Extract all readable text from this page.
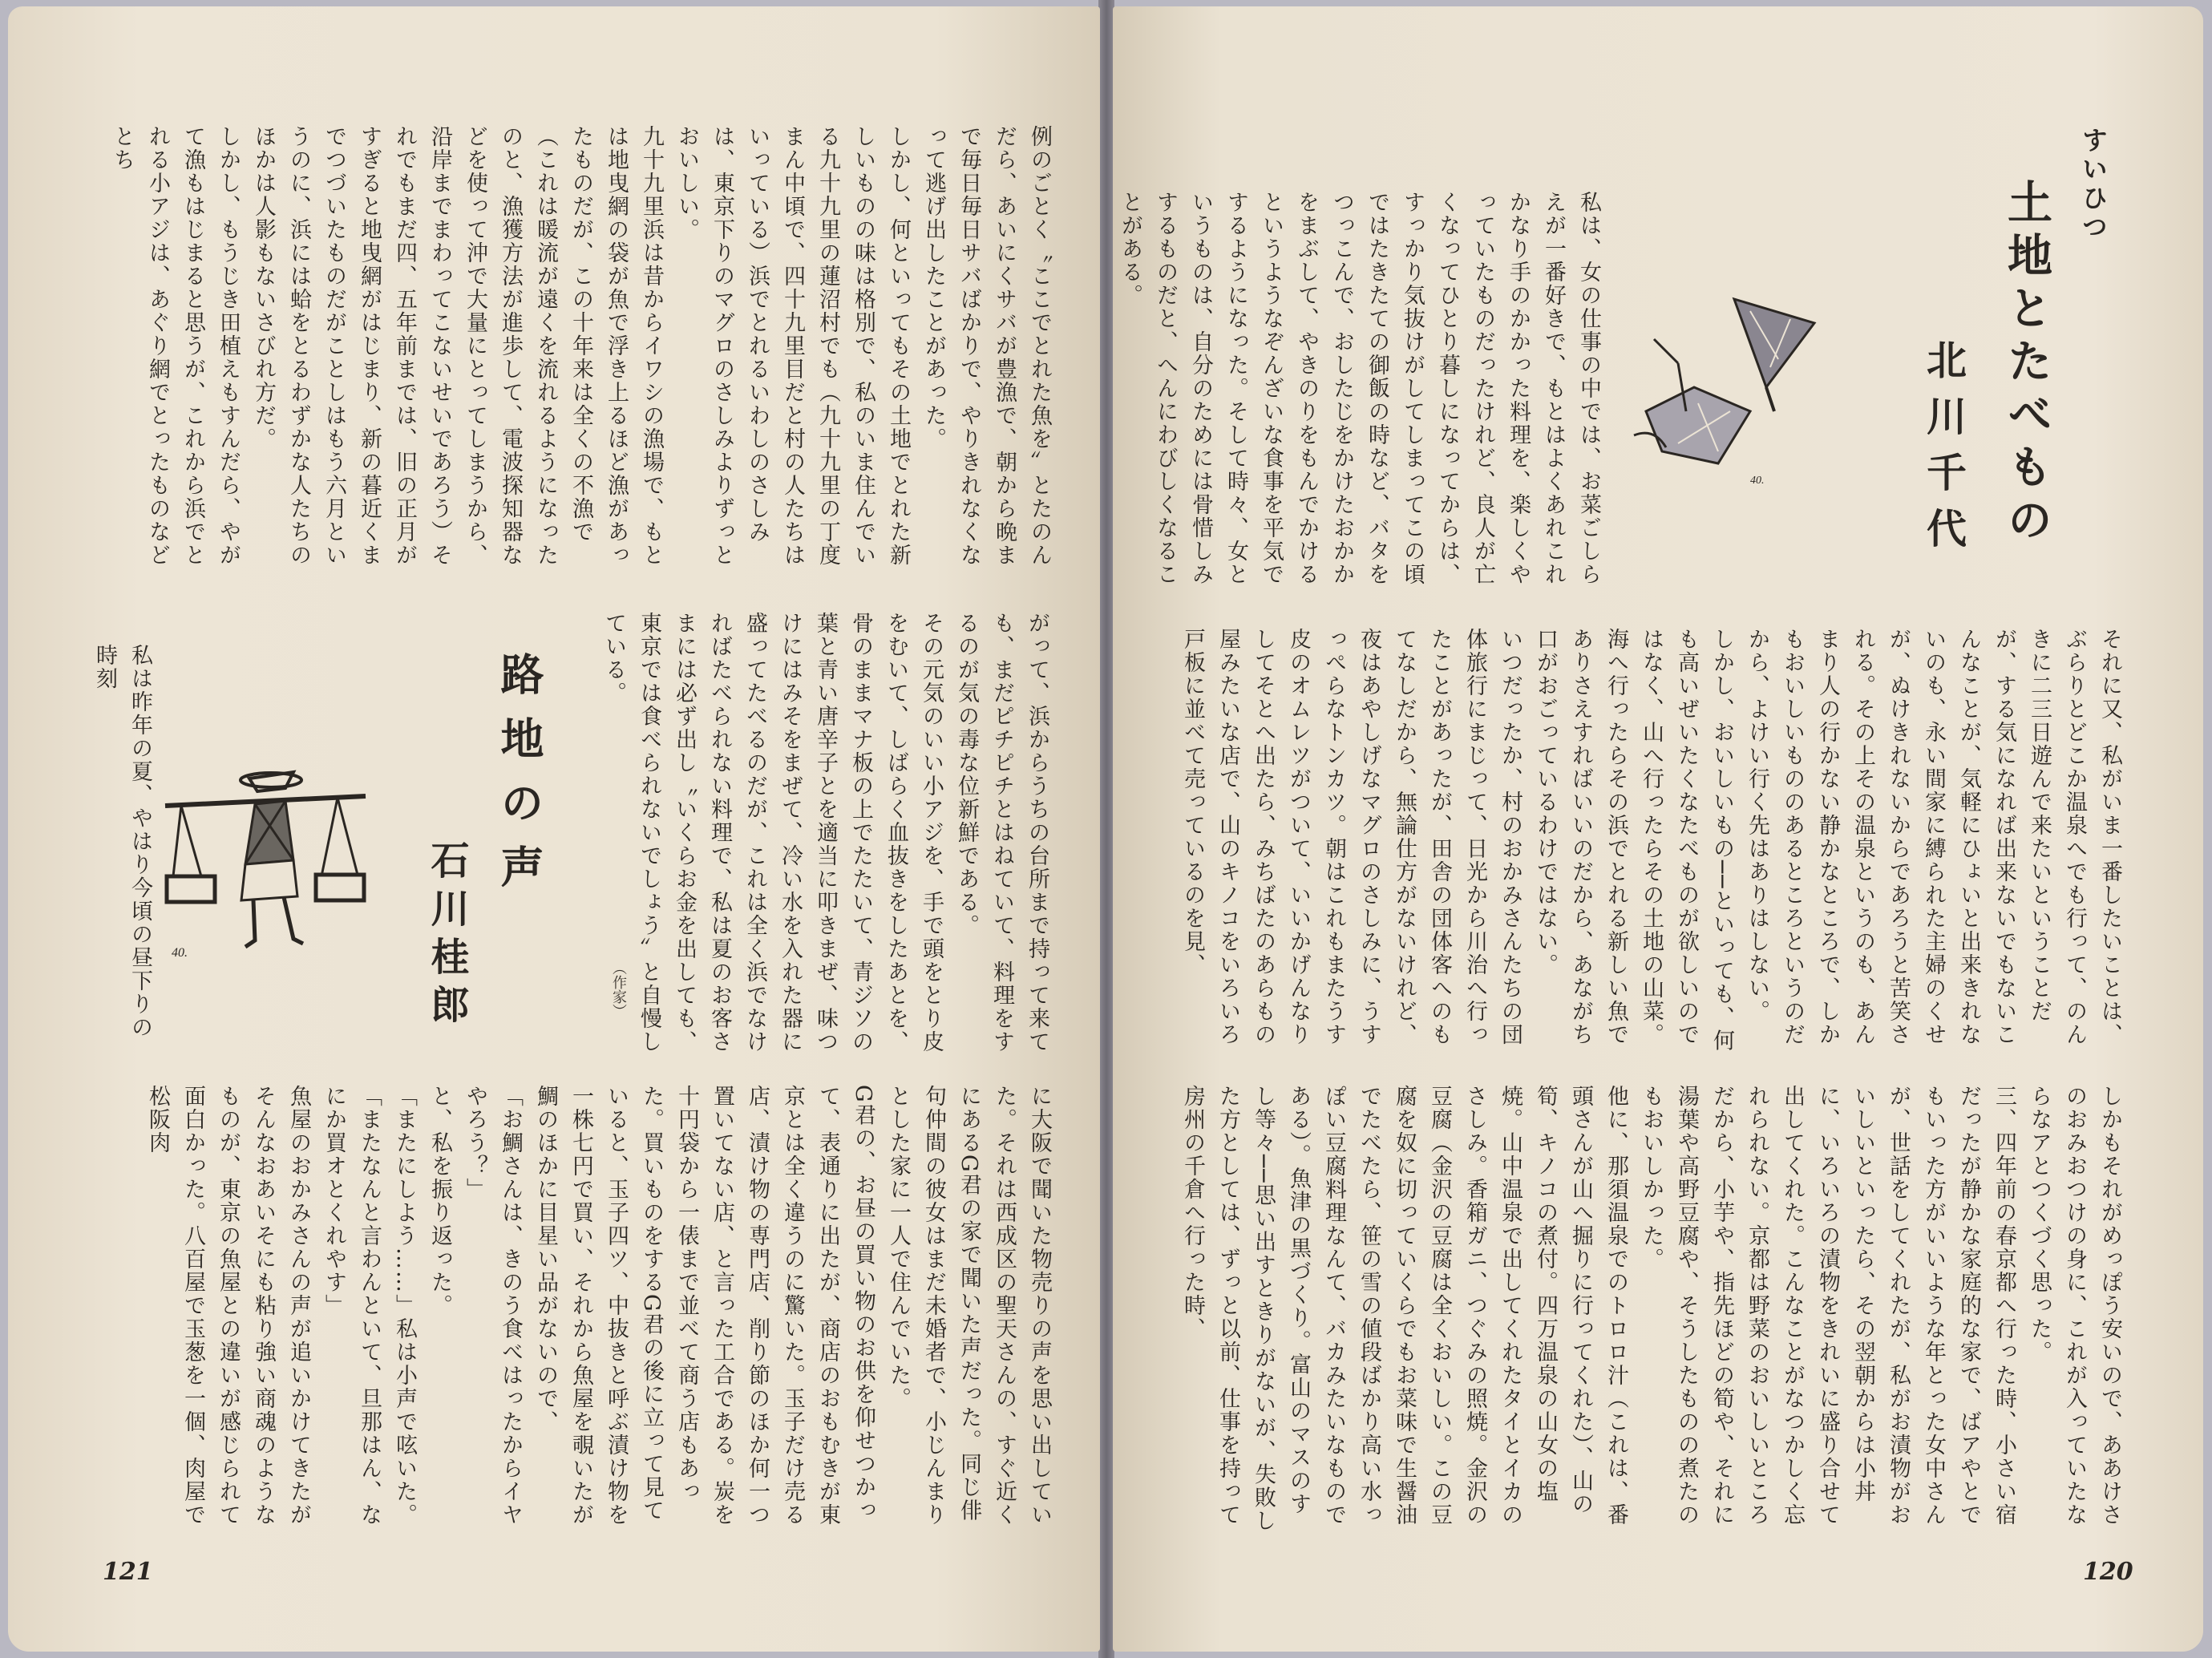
例のごとく〝ここでとれた魚を〟とたのんだら、あいにくサバが豊漁で、朝から晩まで毎日毎日サバばかりで、やりきれなくなって逃げ出したことがあった。
しかし、何といってもその土地でとれた新しいものの味は格別で、私のいま住んでいる九十九里の蓮沼村でも（九十九里の丁度まん中頃で、四十九里目だと村の人たちはいっている）浜でとれるいわしのさしみは、東京下りのマグロのさしみよりずっとおいしい。
九十九里浜は昔からイワシの漁場で、もとは地曳網の袋が魚で浮き上るほど漁があったものだが、この十年来は全くの不漁で（これは暖流が遠くを流れるようになったのと、漁獲方法が進歩して、電波探知器などを使って沖で大量にとってしまうから、沿岸までまわってこないせいであろう）それでもまだ四、五年前までは、旧の正月がすぎると地曳網がはじまり、新の暮近くまでつづいたものだがことしはもう六月というのに、浜には蛤をとるわずかな人たちのほかは人影もないさびれ方だ。
しかし、もうじき田植えもすんだら、やがて漁もはじまると思うが、これから浜でとれる小アジは、あぐり網でとったものなどとち
がって、浜からうちの台所まで持って来ても、まだピチピチとはねていて、料理をするのが気の毒な位新鮮である。
その元気のいい小アジを、手で頭をとり皮をむいて、しばらく血抜きをしたあとを、骨のままマナ板の上でたたいて、青ジソの葉と青い唐辛子とを適当に叩きまぜ、味つけにはみそをまぜて、冷い水を入れた器に盛ってたべるのだが、これは全く浜でなければたべられない料理で、私は夏のお客さまには必ず出し〝いくらお金を出しても、東京では食べられないでしょう〟と自慢している。
（作家）
路地の声
石川桂郎
40.
私は昨年の夏、やはり今頃の昼下りの時刻
に大阪で聞いた物売りの声を思い出していた。それは西成区の聖天さんの、すぐ近くにあるG君の家で聞いた声だった。同じ俳句仲間の彼女はまだ未婚者で、小じんまりとした家に一人で住んでいた。
G君の、お昼の買い物のお供を仰せつかって、表通りに出たが、商店のおもむきが東京とは全く違うのに驚いた。玉子だけ売る店、漬け物の専門店、削り節のほか何一つ置いてない店、と言った工合である。炭を十円袋から一俵まで並べて商う店もあった。買いものをするG君の後に立って見ていると、玉子四ツ、中抜きと呼ぶ漬け物を一株七円で買い、それから魚屋を覗いたが鯛のほかに目星い品がないので、
「お鯛さんは、きのう食べはったからイヤやろう？」
と、私を振り返った。
「またにしよう……」私は小声で呟いた。
「またなんと言わんといて、旦那はん、なにか買オとくれやす」
魚屋のおかみさんの声が追いかけてきたがそんなおあいそにも粘り強い商魂のようなものが、東京の魚屋との違いが感じられて面白かった。八百屋で玉葱を一個、肉屋で松阪肉
121
すいひつ
土地とたべもの
北川千代
40.
私は、女の仕事の中では、お菜ごしらえが一番好きで、もとはよくあれこれかなり手のかかった料理を、楽しくやっていたものだったけれど、良人が亡くなってひとり暮しになってからは、すっかり気抜けがしてしまってこの頃ではたきたての御飯の時など、バタをつっこんで、おしたじをかけたおかかをまぶして、やきのりをもんでかけるというようなぞんざいな食事を平気でするようになった。そして時々、女というものは、自分のためには骨惜しみするものだと、へんにわびしくなることがある。
それに又、私がいま一番したいことは、ぶらりとどこか温泉へでも行って、のんきに二三日遊んで来たいということだが、する気になれば出来ないでもないこんなことが、気軽にひょいと出来きれないのも、永い間家に縛られた主婦のくせが、ぬけきれないからであろうと苦笑される。その上その温泉というのも、あんまり人の行かない静かなところで、しかもおいしいもののあるところというのだから、よけい行く先はありはしない。
しかし、おいしいもの──といっても、何も高いぜいたくなたべものが欲しいのではなく、山へ行ったらその土地の山菜。海へ行ったらその浜でとれる新しい魚でありさえすればいいのだから、あながち口がおごっているわけではない。
いつだったか、村のおかみさんたちの団体旅行にまじって、日光から川治へ行ったことがあったが、田舎の団体客へのもてなしだから、無論仕方がないけれど、夜はあやしげなマグロのさしみに、うすっぺらなトンカツ。朝はこれもまたうす皮のオムレツがついて、いいかげんなりしてそとへ出たら、みちばたのあらもの屋みたいな店で、山のキノコをいろいろ戸板に並べて売っているのを見、
しかもそれがめっぽう安いので、ああけさのおみおつけの身に、これが入っていたならなアとつくづく思った。
三、四年前の春京都へ行った時、小さい宿だったが静かな家庭的な家で、ばアやとでもいった方がいいような年とった女中さんが、世話をしてくれたが、私がお漬物がおいしいといったら、その翌朝からは小丼に、いろいろの漬物をきれいに盛り合せて出してくれた。こんなことがなつかしく忘れられない。京都は野菜のおいしいところだから、小芋や、指先ほどの筍や、それに湯葉や高野豆腐や、そうしたものの煮たのもおいしかった。
他に、那須温泉でのトロロ汁（これは、番頭さんが山へ掘りに行ってくれた）、山の筍、キノコの煮付。四万温泉の山女の塩焼。山中温泉で出してくれたタイとイカのさしみ。香箱ガニ、つぐみの照焼。金沢の豆腐（金沢の豆腐は全くおいしい。この豆腐を奴に切っていくらでもお菜味で生醤油でたべたら、笹の雪の値段ばかり高い水っぽい豆腐料理なんて、バカみたいなものである）。魚津の黒づくり。富山のマスのすし等々──思い出すときりがないが、失敗した方としては、ずっと以前、仕事を持って房州の千倉へ行った時、
120
